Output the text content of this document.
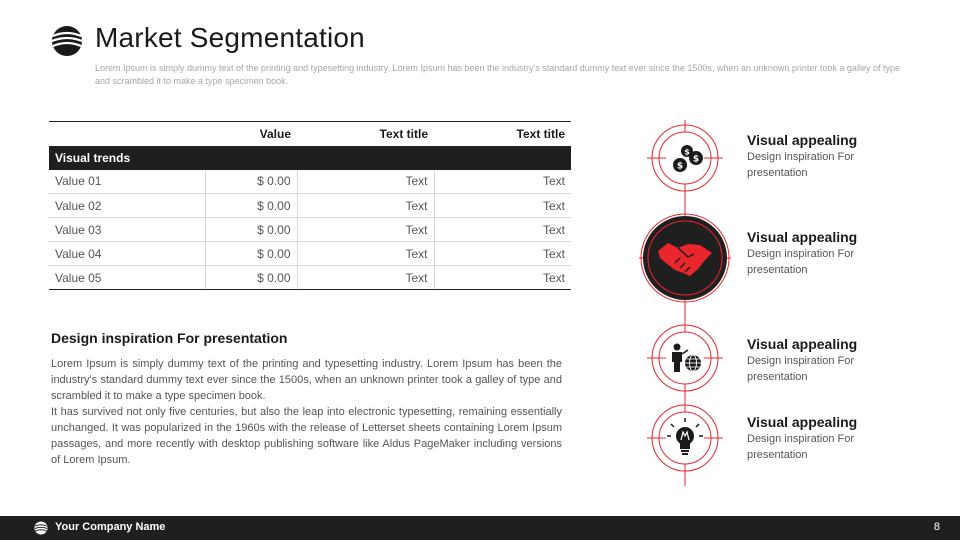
Market Segmentation
Lorem Ipsum is simply dummy text of the printing and typesetting industry. Lorem Ipsum has been the industry's standard dummy text ever since the 1500s, when an unknown printer took a galley of type and scrambled it to make a type specimen book.
	Value	Text title	Text title
Visual trends			
Value 01	$ 0.00	Text	Text
Value 02	$ 0.00	Text	Text
Value 03	$ 0.00	Text	Text
Value 04	$ 0.00	Text	Text
Value 05	$ 0.00	Text	Text
Design inspiration For presentation

Lorem Ipsum is simply dummy text of the printing and typesetting industry. Lorem Ipsum has been the industry's standard dummy text ever since the 1500s, when an unknown printer took a galley of type and scrambled it to make a type specimen book.

It has survived not only five centuries, but also the leap into electronic typesetting, remaining essentially unchanged. It was popularized in the 1960s with the release of Letterset sheets containing Lorem Ipsum passages, and more recently with desktop publishing software like Aldus PageMaker including versions of Lorem Ipsum.

$
$
$
Visual appealing
Design inspiration For presentation
Visual appealing
Design inspiration For presentation
Visual appealing
Design inspiration For presentation
Visual appealing
Design inspiration For presentation
Your Company Name	8
